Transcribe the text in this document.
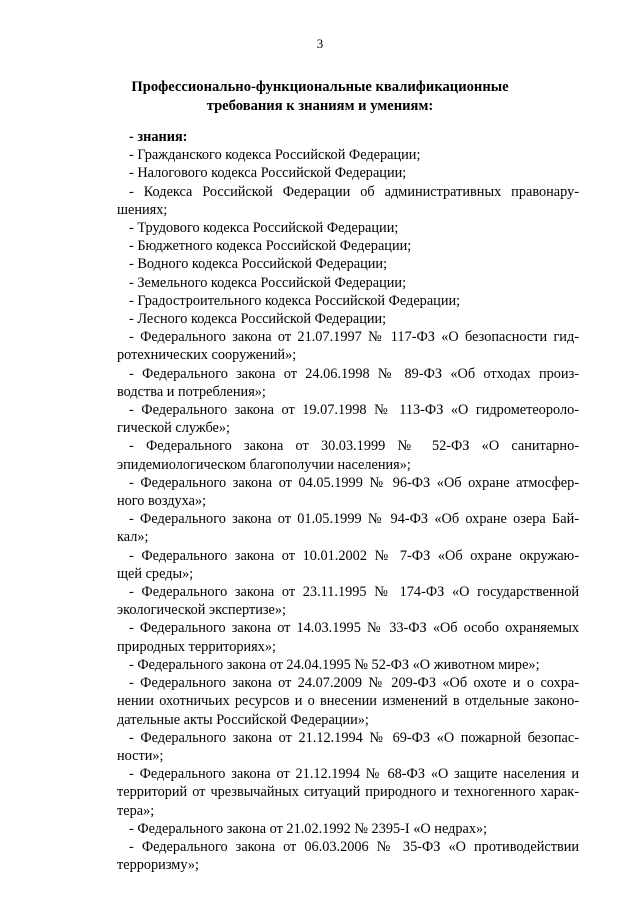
3
Профессионально-функциональные квалификационные
требования к знаниям и умениям:

- знания:

- Гражданского кодекса Российской Федерации;

- Налогового кодекса Российской Федерации;

- Кодекса Российской Федерации об административных правонару-
шениях;

- Трудового кодекса Российской Федерации;

- Бюджетного кодекса Российской Федерации;

- Водного кодекса Российской Федерации;

- Земельного кодекса Российской Федерации;

- Градостроительного кодекса Российской Федерации;

- Лесного кодекса Российской Федерации;

- Федерального закона от 21.07.1997 № 117-ФЗ «О безопасности гид-
ротехнических сооружений»;

- Федерального закона от 24.06.1998 № 89-ФЗ «Об отходах произ-
водства и потребления»;

- Федерального закона от 19.07.1998 № 113-ФЗ «О гидрометеороло-
гической службе»;

- Федерального закона от 30.03.1999 № 52-ФЗ «О санитарно-
эпидемиологическом благополучии населения»;

- Федерального закона от 04.05.1999 № 96-ФЗ «Об охране атмосфер-
ного воздуха»;

- Федерального закона от 01.05.1999 № 94-ФЗ «Об охране озера Бай-
кал»;

- Федерального закона от 10.01.2002 № 7-ФЗ «Об охране окружаю-
щей среды»;

- Федерального закона от 23.11.1995 № 174-ФЗ «О государственной
экологической экспертизе»;

- Федерального закона от 14.03.1995 № 33-ФЗ «Об особо охраняемых
природных территориях»;

- Федерального закона от 24.04.1995 № 52-ФЗ «О животном мире»;

- Федерального закона от 24.07.2009 № 209-ФЗ «Об охоте и о сохра-
нении охотничьих ресурсов и о внесении изменений в отдельные законо-
дательные акты Российской Федерации»;

- Федерального закона от 21.12.1994 № 69-ФЗ «О пожарной безопас-
ности»;

- Федерального закона от 21.12.1994 № 68-ФЗ «О защите населения и
территорий от чрезвычайных ситуаций природного и техногенного харак-
тера»;

- Федерального закона от 21.02.1992 № 2395-I «О недрах»;

- Федерального закона от 06.03.2006 № 35-ФЗ «О противодействии
терроризму»;
